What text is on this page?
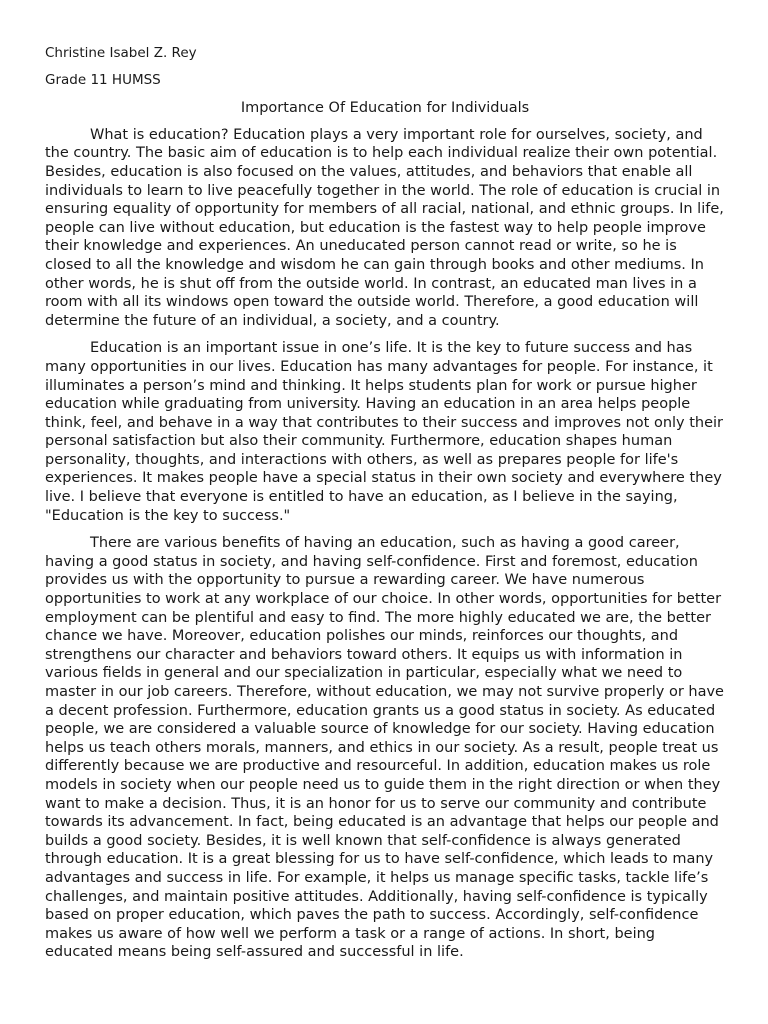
Christine Isabel Z. Rey
Grade 11 HUMSS
Importance Of Education for Individuals

What is education? Education plays a very important role for ourselves, society, and the country. The basic aim of education is to help each individual realize their own potential. Besides, education is also focused on the values, attitudes, and behaviors that enable all individuals to learn to live peacefully together in the world. The role of education is crucial in ensuring equality of opportunity for members of all racial, national, and ethnic groups. In life, people can live without education, but education is the fastest way to help people improve their knowledge and experiences. An uneducated person cannot read or write, so he is closed to all the knowledge and wisdom he can gain through books and other mediums. In other words, he is shut off from the outside world. In contrast, an educated man lives in a room with all its windows open toward the outside world. Therefore, a good education will determine the future of an individual, a society, and a country.

Education is an important issue in one’s life. It is the key to future success and has many opportunities in our lives. Education has many advantages for people. For instance, it illuminates a person’s mind and thinking. It helps students plan for work or pursue higher education while graduating from university. Having an education in an area helps people think, feel, and behave in a way that contributes to their success and improves not only their personal satisfaction but also their community. Furthermore, education shapes human personality, thoughts, and interactions with others, as well as prepares people for life's experiences. It makes people have a special status in their own society and everywhere they live. I believe that everyone is entitled to have an education, as I believe in the saying, "Education is the key to success."

There are various benefits of having an education, such as having a good career, having a good status in society, and having self-confidence. First and foremost, education provides us with the opportunity to pursue a rewarding career. We have numerous opportunities to work at any workplace of our choice. In other words, opportunities for better employment can be plentiful and easy to find. The more highly educated we are, the better chance we have. Moreover, education polishes our minds, reinforces our thoughts, and strengthens our character and behaviors toward others. It equips us with information in various fields in general and our specialization in particular, especially what we need to master in our job careers. Therefore, without education, we may not survive properly or have a decent profession. Furthermore, education grants us a good status in society. As educated people, we are considered a valuable source of knowledge for our society. Having education helps us teach others morals, manners, and ethics in our society. As a result, people treat us differently because we are productive and resourceful. In addition, education makes us role models in society when our people need us to guide them in the right direction or when they want to make a decision. Thus, it is an honor for us to serve our community and contribute towards its advancement. In fact, being educated is an advantage that helps our people and builds a good society. Besides, it is well known that self-confidence is always generated through education. It is a great blessing for us to have self-confidence, which leads to many advantages and success in life. For example, it helps us manage specific tasks, tackle life’s challenges, and maintain positive attitudes. Additionally, having self-confidence is typically based on proper education, which paves the path to success. Accordingly, self-confidence makes us aware of how well we perform a task or a range of actions. In short, being educated means being self-assured and successful in life.
